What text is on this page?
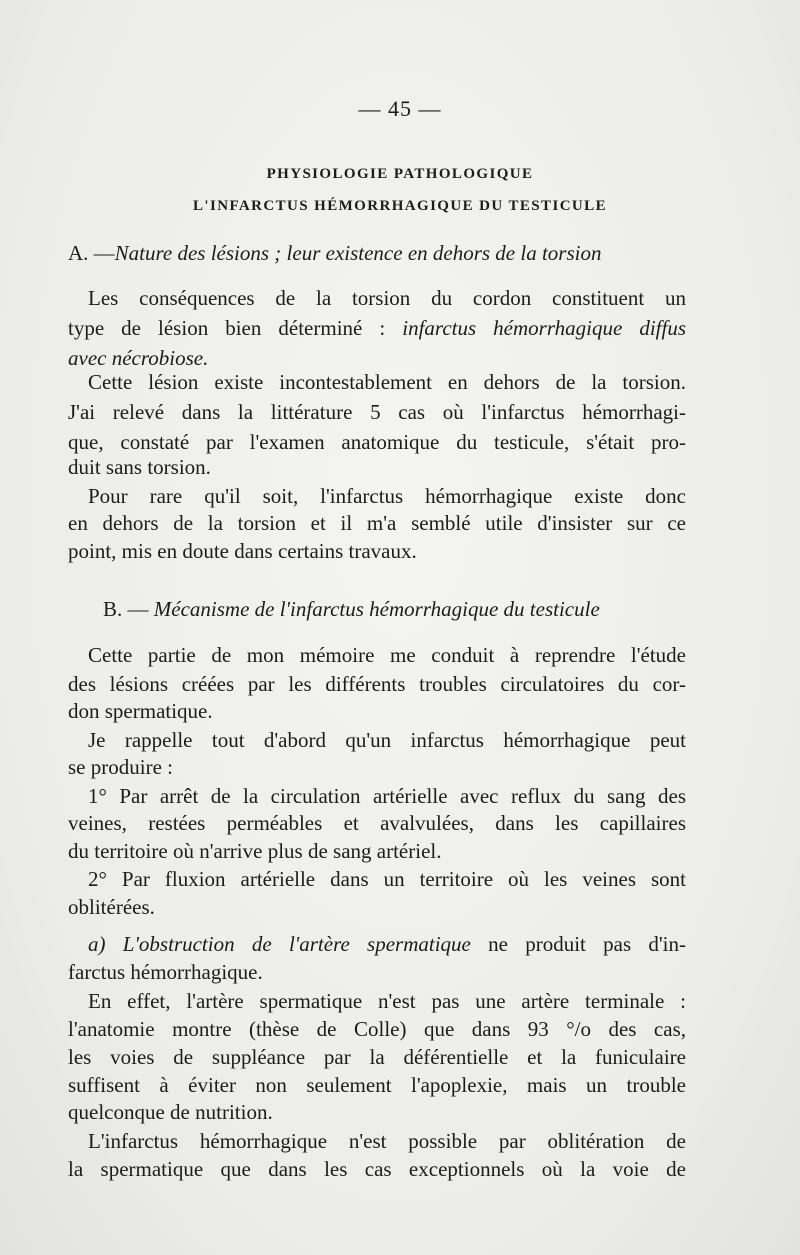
— 45 —
PHYSIOLOGIE PATHOLOGIQUE
L'INFARCTUS HÉMORRHAGIQUE DU TESTICULE
A. —Nature des lésions ; leur existence en dehors de la torsion
Les conséquences de la torsion du cordon constituent un
type de lésion bien déterminé : infarctus hémorrhagique diffus
avec nécrobiose.
Cette lésion existe incontestablement en dehors de la torsion.
J'ai relevé dans la littérature 5 cas où l'infarctus hémorrhagi-
que, constaté par l'examen anatomique du testicule, s'était pro-
duit sans torsion.
Pour rare qu'il soit, l'infarctus hémorrhagique existe donc
en dehors de la torsion et il m'a semblé utile d'insister sur ce
point, mis en doute dans certains travaux.
B. — Mécanisme de l'infarctus hémorrhagique du testicule
Cette partie de mon mémoire me conduit à reprendre l'étude
des lésions créées par les différents troubles circulatoires du cor-
don spermatique.
Je rappelle tout d'abord qu'un infarctus hémorrhagique peut
se produire :
1° Par arrêt de la circulation artérielle avec reflux du sang des
veines, restées perméables et avalvulées, dans les capillaires
du territoire où n'arrive plus de sang artériel.
2° Par fluxion artérielle dans un territoire où les veines sont
oblitérées.
a) L'obstruction de l'artère spermatique ne produit pas d'in-
farctus hémorrhagique.
En effet, l'artère spermatique n'est pas une artère terminale :
l'anatomie montre (thèse de Colle) que dans 93 °/o des cas,
les voies de suppléance par la déférentielle et la funiculaire
suffisent à éviter non seulement l'apoplexie, mais un trouble
quelconque de nutrition.
L'infarctus hémorrhagique n'est possible par oblitération de
la spermatique que dans les cas exceptionnels où la voie de
